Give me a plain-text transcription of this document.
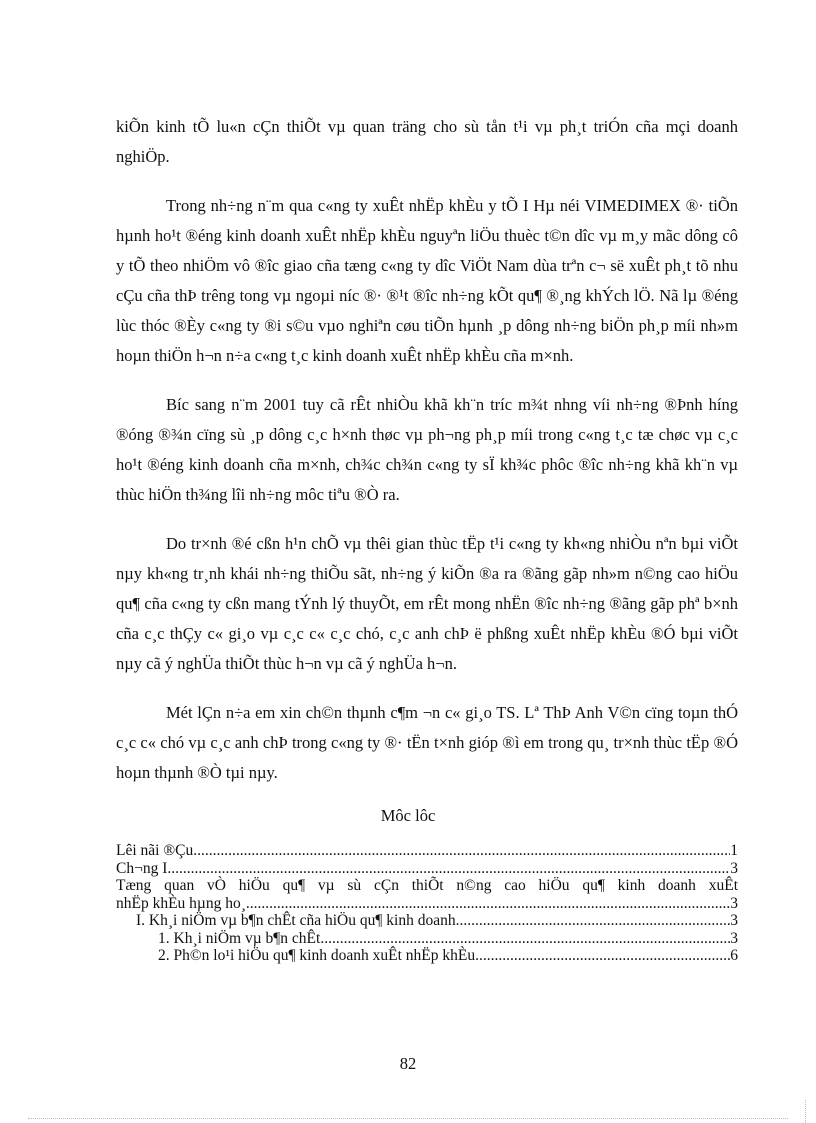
kiÕn kinh tÕ lu«n cÇn thiÕt vµ quan träng cho sù tån t¹i vµ ph¸t triÓn cña mçi doanh nghiÖp.

Trong nh÷ng n¨m qua c«ng ty xuÊt nhËp khÈu y tÕ I Hµ néi VIMEDIMEX ®· tiÕn hµnh ho¹t ®éng kinh doanh xuÊt nhËp khÈu nguyªn liÖu thuèc t©n dîc vµ m¸y mãc dông cô y tÕ theo nhiÖm vô ®îc giao cña tæng c«ng ty dîc ViÖt Nam dùa trªn c¬ së xuÊt ph¸t tõ nhu cÇu cña thÞ trêng tong vµ ngoµi níc ®· ®¹t ®îc nh÷ng kÕt qu¶ ®¸ng khÝch lÖ. Nã lµ ®éng lùc thóc ®Èy c«ng ty ®i s©u vµo nghiªn cøu tiÕn hµnh ¸p dông nh÷ng biÖn ph¸p míi nh»m hoµn thiÖn h¬n n÷a c«ng t¸c kinh doanh xuÊt nhËp khÈu cña m×nh.

Bíc sang n¨m 2001 tuy cã rÊt nhiÒu khã kh¨n tríc m¾t nhng víi nh÷ng ®Þnh híng ®óng ®¾n cïng sù ¸p dông c¸c h×nh thøc vµ ph¬ng ph¸p míi trong c«ng t¸c tæ chøc vµ c¸c ho¹t ®éng kinh doanh cña m×nh, ch¾c ch¾n c«ng ty sÏ kh¾c phôc ®îc nh÷ng khã kh¨n vµ thùc hiÖn th¾ng lîi nh÷ng môc tiªu ®Ò ra.

Do tr×nh ®é cßn h¹n chÕ vµ thêi gian thùc tËp t¹i c«ng ty kh«ng nhiÒu nªn bµi viÕt nµy kh«ng tr¸nh khái nh÷ng thiÕu sãt, nh÷ng ý kiÕn ®a ra ®ãng gãp nh»m n©ng cao hiÖu qu¶ cña c«ng ty cßn mang tÝnh lý thuyÕt, em rÊt mong nhËn ®îc nh÷ng ®ãng gãp phª b×nh cña c¸c thÇy c« gi¸o vµ c¸c c« c¸c chó, c¸c anh chÞ ë phßng xuÊt nhËp khÈu ®Ó bµi viÕt nµy cã ý nghÜa thiÕt thùc h¬n vµ cã ý nghÜa h¬n.

Mét lÇn n÷a em xin ch©n thµnh c¶m ¬n c« gi¸o TS. Lª ThÞ Anh V©n cïng toµn thÓ c¸c c« chó vµ c¸c anh chÞ trong c«ng ty ®· tËn t×nh gióp ®ì em trong qu¸ tr×nh thùc tËp ®Ó hoµn thµnh ®Ò tµi nµy.

Môc lôc
Lêi nãi ®Çu .....	1
Ch¬ng I .....	3
Tæng quan vÒ hiÖu qu¶ vµ sù cÇn thiÕt n©ng cao hiÖu qu¶ kinh doanh xuÊt
nhËp khÈu hµng ho¸. .....	3
I. Kh¸i niÖm vµ b¶n chÊt cña hiÖu qu¶ kinh doanh. .....	3
1. Kh¸i niÖm vµ b¶n chÊt. .....	3
2. Ph©n lo¹i hiÖu qu¶ kinh doanh xuÊt nhËp khÈu. .....	6
82
